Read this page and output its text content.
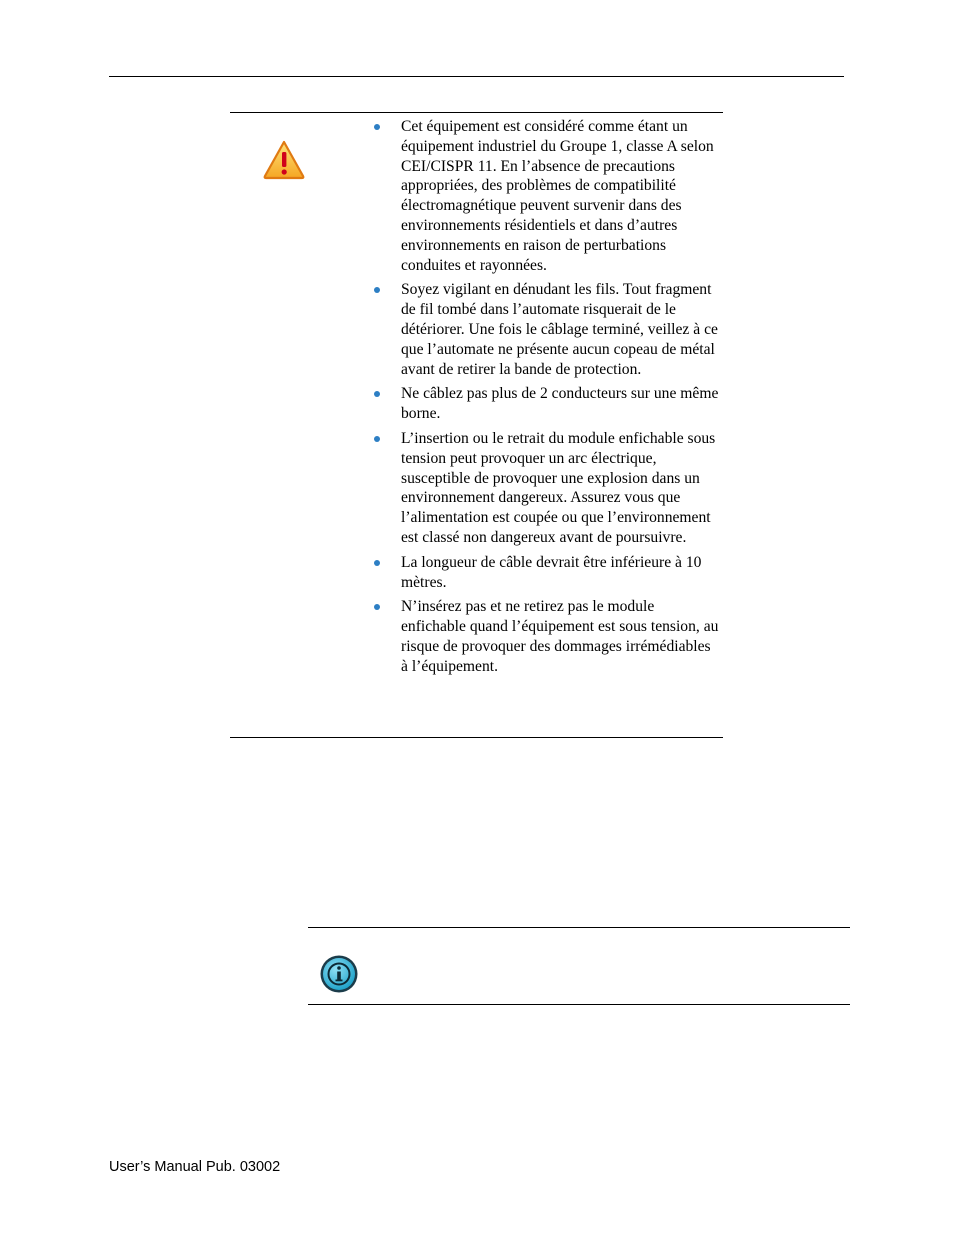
Cet équipement est considéré comme étant un équipement industriel du Groupe 1, classe A selon CEI/CISPR 11. En l’absence de precautions appropriées, des problèmes de compatibilité électromagnétique peuvent survenir dans des environnements résidentiels et dans d’autres environnements en raison de perturbations conduites et rayonnées.
Soyez vigilant en dénudant les fils. Tout fragment de fil tombé dans l’automate risquerait de le détériorer. Une fois le câblage terminé, veillez à ce que l’automate ne présente aucun copeau de métal avant de retirer la bande de protection.
Ne câblez pas plus de 2 conducteurs sur une même borne.
L’insertion ou le retrait du module enfichable sous tension peut provoquer un arc électrique, susceptible de provoquer une explosion dans un environnement dangereux. Assurez vous que l’alimentation est coupée ou que l’environnement est classé non dangereux avant de poursuivre.
La longueur de câble devrait être inférieure à 10 mètres.
N’insérez pas et ne retirez pas le module enfichable quand l’équipement est sous tension, au risque de provoquer des dommages irrémédiables à l’équipement.
User’s Manual Pub. 03002
